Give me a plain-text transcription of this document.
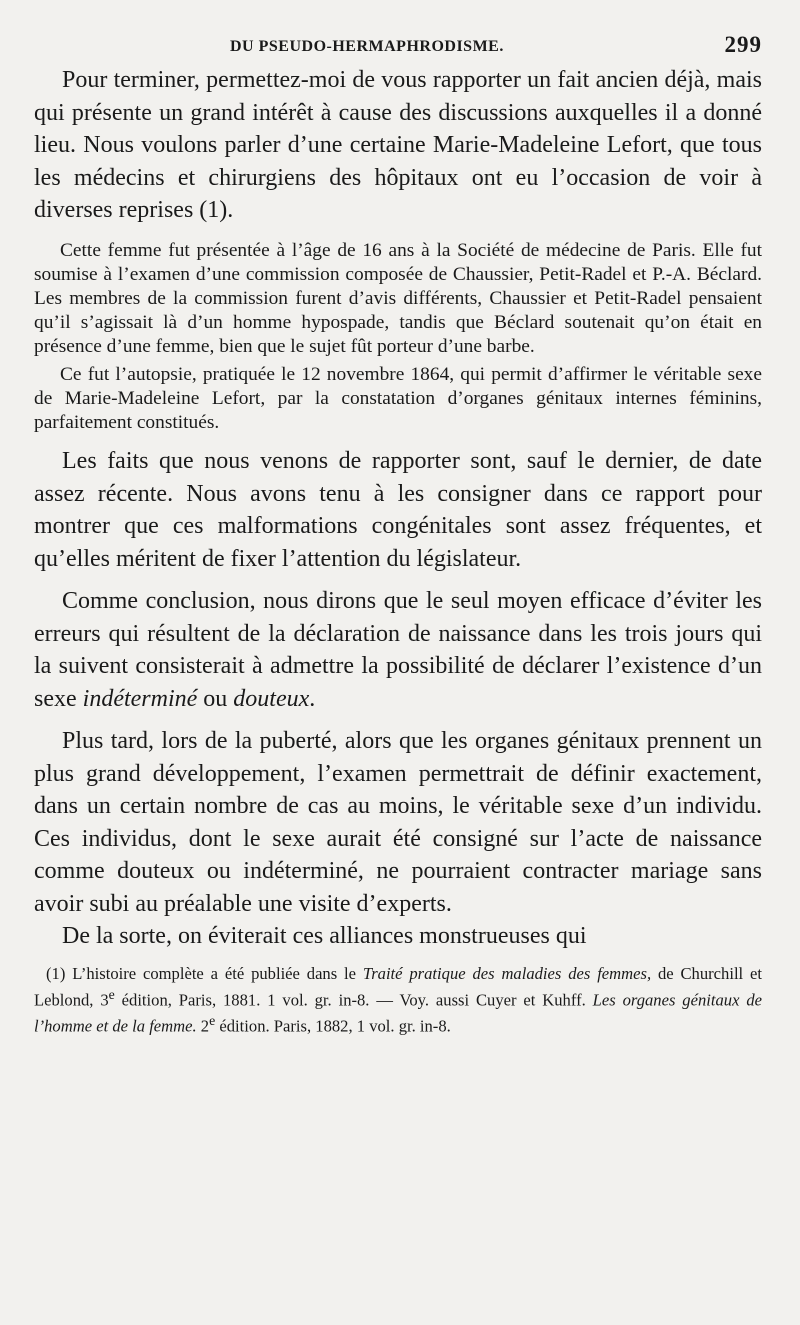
DU PSEUDO-HERMAPHRODISME.	299

Pour terminer, permettez-moi de vous rapporter un fait ancien déjà, mais qui présente un grand intérêt à cause des discussions auxquelles il a donné lieu. Nous voulons parler d’une certaine Marie-Madeleine Lefort, que tous les médecins et chirurgiens des hôpitaux ont eu l’occasion de voir à diverses reprises (1).

Cette femme fut présentée à l’âge de 16 ans à la Société de médecine de Paris. Elle fut soumise à l’examen d’une commission composée de Chaussier, Petit-Radel et P.-A. Béclard. Les membres de la commission furent d’avis différents, Chaussier et Petit-Radel pensaient qu’il s’agissait là d’un homme hypospade, tandis que Béclard soutenait qu’on était en présence d’une femme, bien que le sujet fût porteur d’une barbe.

Ce fut l’autopsie, pratiquée le 12 novembre 1864, qui permit d’affirmer le véritable sexe de Marie-Madeleine Lefort, par la constatation d’organes génitaux internes féminins, parfaitement constitués.

Les faits que nous venons de rapporter sont, sauf le dernier, de date assez récente. Nous avons tenu à les consigner dans ce rapport pour montrer que ces malformations congénitales sont assez fréquentes, et qu’elles méritent de fixer l’attention du législateur.

Comme conclusion, nous dirons que le seul moyen efficace d’éviter les erreurs qui résultent de la déclaration de naissance dans les trois jours qui la suivent consisterait à admettre la possibilité de déclarer l’existence d’un sexe indéterminé ou douteux.

Plus tard, lors de la puberté, alors que les organes génitaux prennent un plus grand développement, l’examen permettrait de définir exactement, dans un certain nombre de cas au moins, le véritable sexe d’un individu. Ces individus, dont le sexe aurait été consigné sur l’acte de naissance comme douteux ou indéterminé, ne pourraient contracter mariage sans avoir subi au préalable une visite d’experts.

De la sorte, on éviterait ces alliances monstrueuses qui

(1) L’histoire complète a été publiée dans le Traité pratique des maladies des femmes, de Churchill et Leblond, 3e édition, Paris, 1881. 1 vol. gr. in-8. — Voy. aussi Cuyer et Kuhff. Les organes génitaux de l’homme et de la femme. 2e édition. Paris, 1882, 1 vol. gr. in-8.
